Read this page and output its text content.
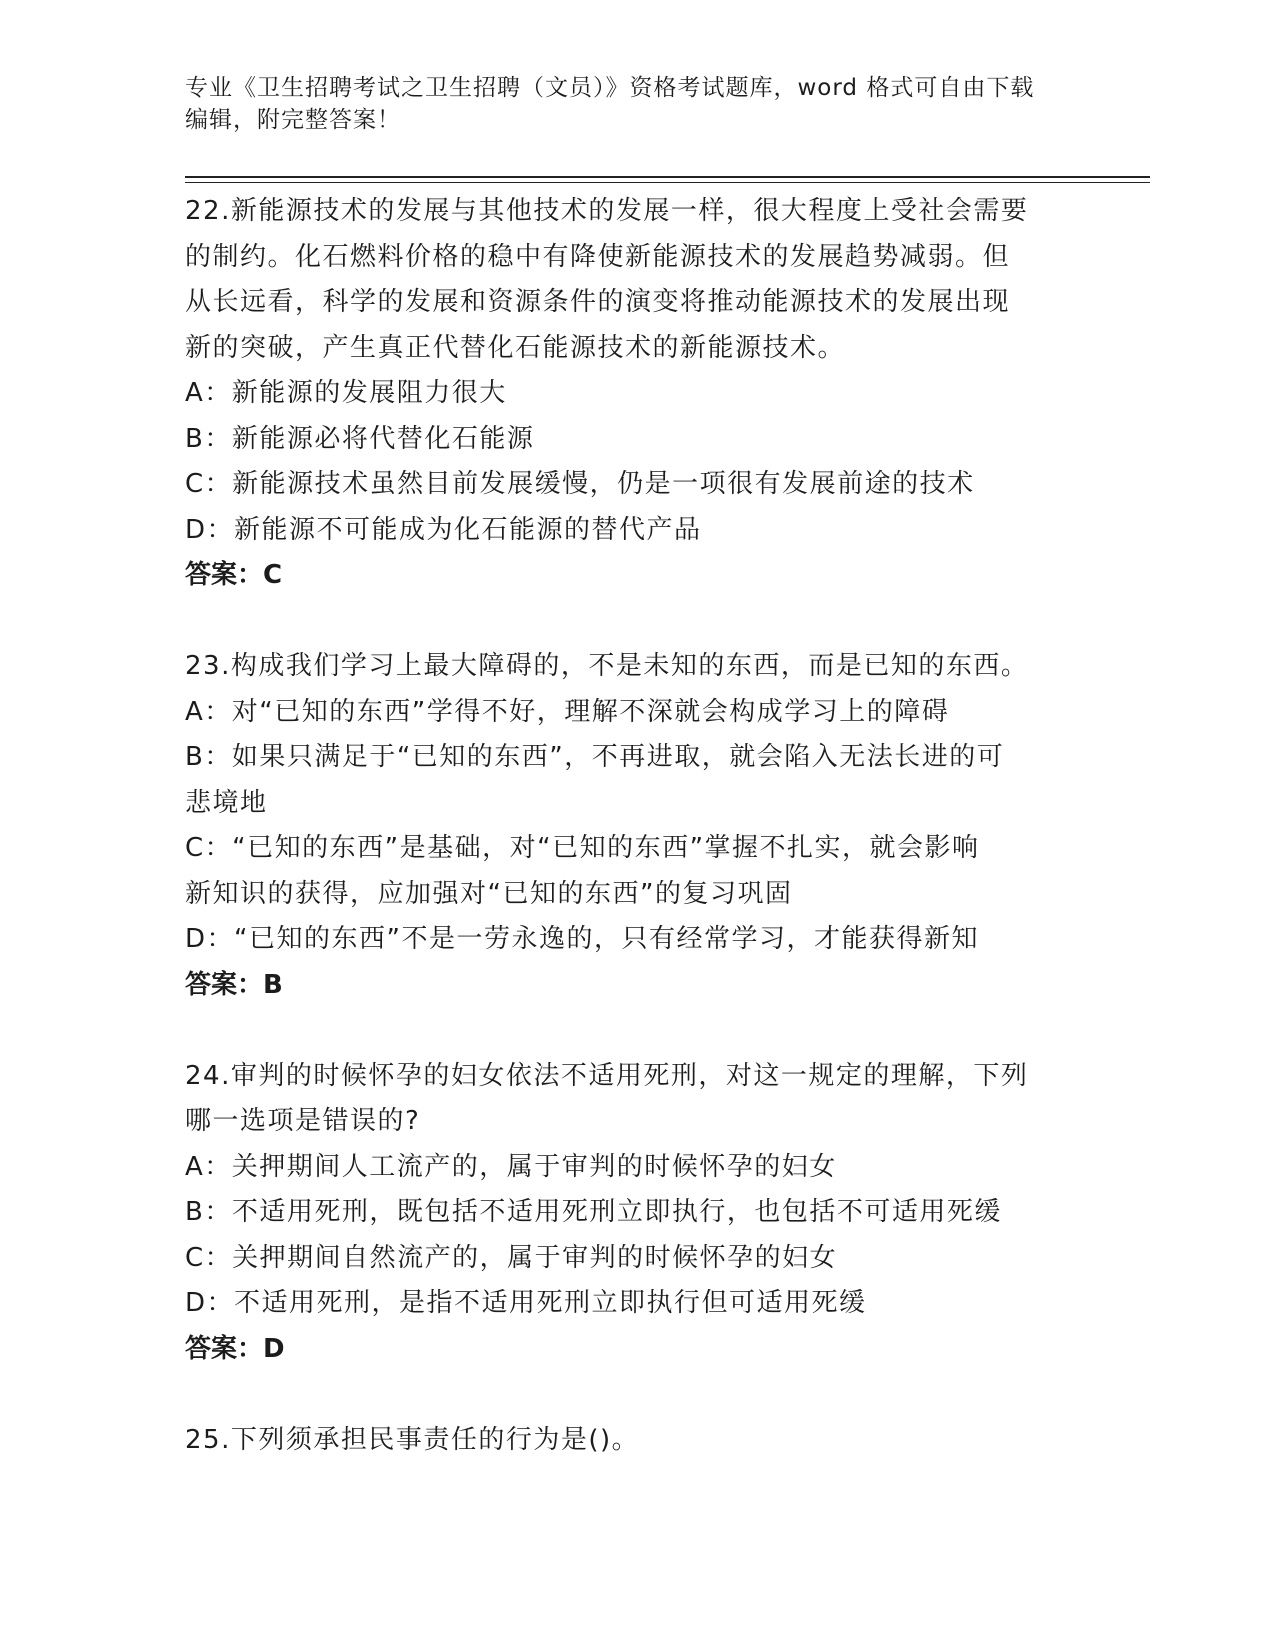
专业《卫生招聘考试之卫生招聘（文员）》资格考试题库，word 格式可自由下载
编辑，附完整答案！
22.新能源技术的发展与其他技术的发展一样，很大程度上受社会需要
的制约。化石燃料价格的稳中有降使新能源技术的发展趋势减弱。但
从长远看，科学的发展和资源条件的演变将推动能源技术的发展出现
新的突破，产生真正代替化石能源技术的新能源技术。
A：新能源的发展阻力很大
B：新能源必将代替化石能源
C：新能源技术虽然目前发展缓慢，仍是一项很有发展前途的技术
D：新能源不可能成为化石能源的替代产品
答案：C
23.构成我们学习上最大障碍的，不是未知的东西，而是已知的东西。
A：对“已知的东西”学得不好，理解不深就会构成学习上的障碍
B：如果只满足于“已知的东西”，不再进取，就会陷入无法长进的可
悲境地
C：“已知的东西”是基础，对“已知的东西”掌握不扎实，就会影响
新知识的获得，应加强对“已知的东西”的复习巩固
D：“已知的东西”不是一劳永逸的，只有经常学习，才能获得新知
答案：B
24.审判的时候怀孕的妇女依法不适用死刑，对这一规定的理解，下列
哪一选项是错误的?
A：关押期间人工流产的，属于审判的时候怀孕的妇女
B：不适用死刑，既包括不适用死刑立即执行，也包括不可适用死缓
C：关押期间自然流产的，属于审判的时候怀孕的妇女
D：不适用死刑，是指不适用死刑立即执行但可适用死缓
答案：D
25.下列须承担民事责任的行为是()。
